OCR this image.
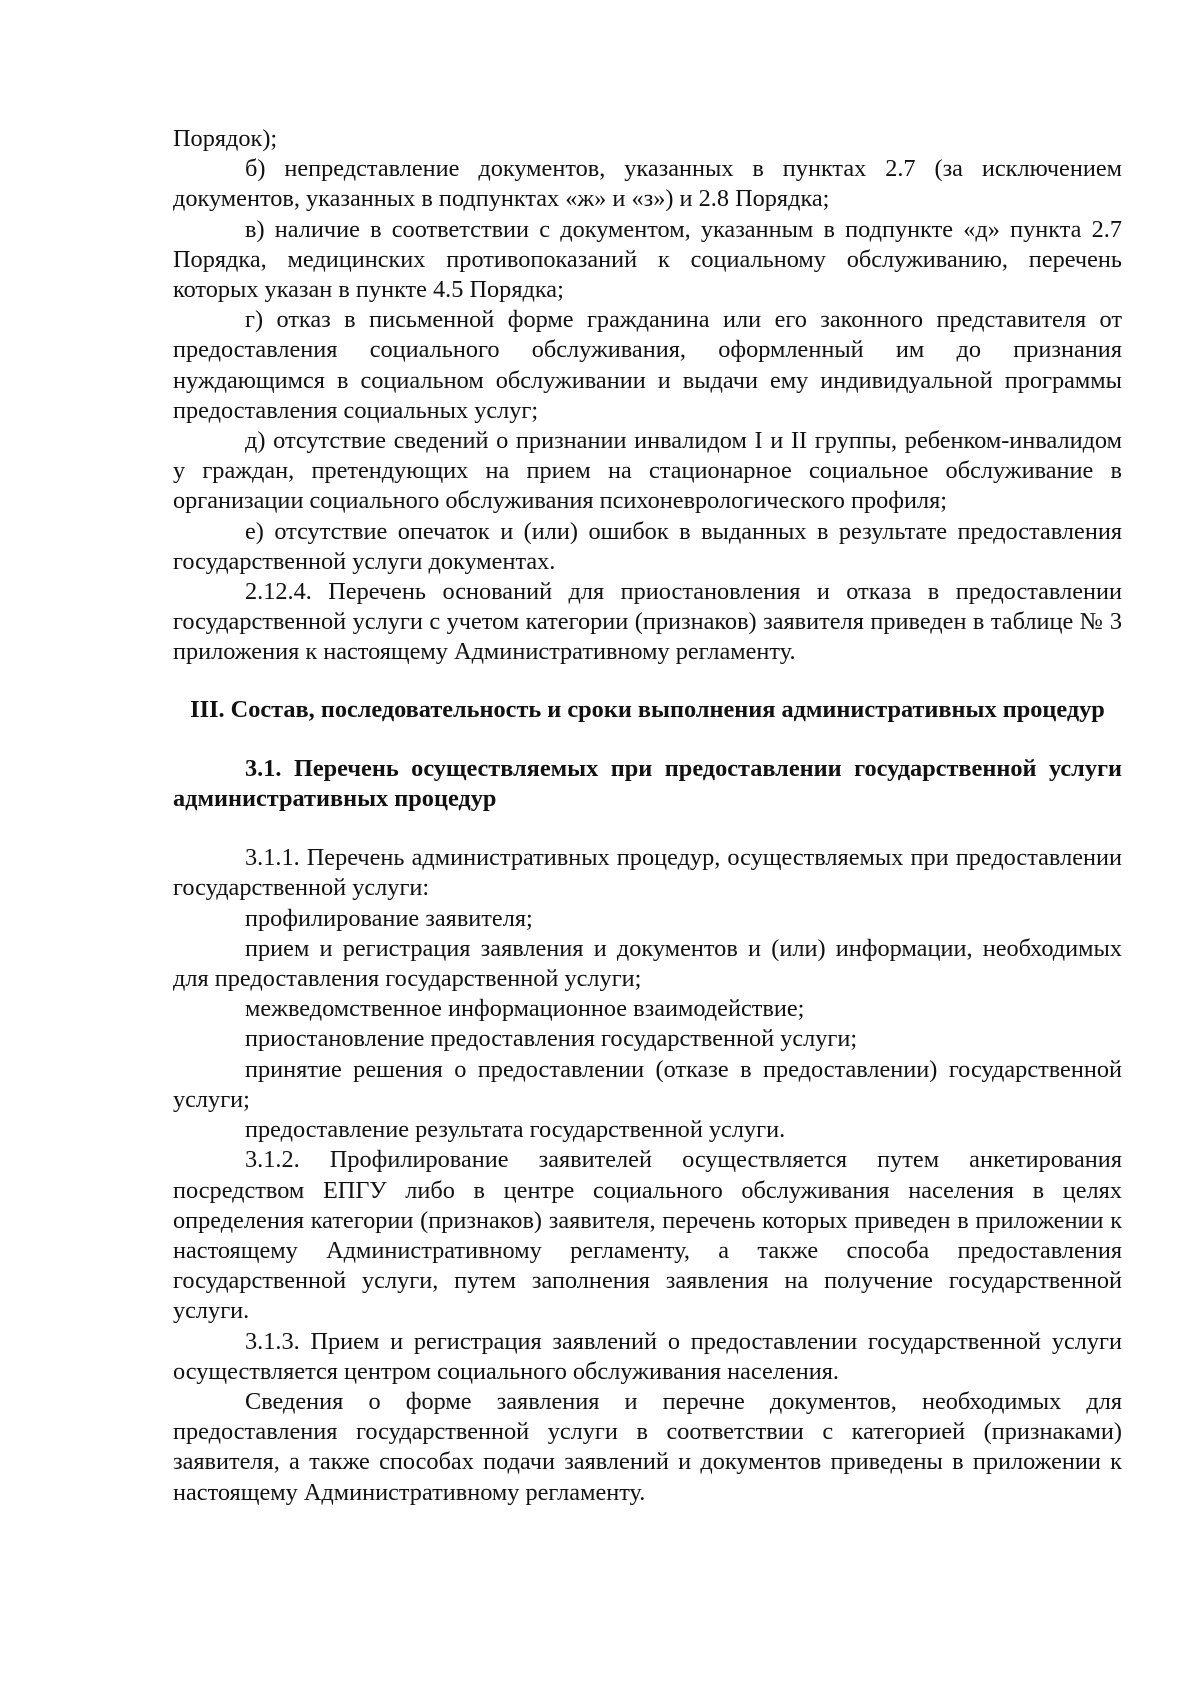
Порядок);

б) непредставление документов, указанных в пунктах 2.7 (за исключением документов, указанных в подпунктах «ж» и «з») и 2.8 Порядка;

в) наличие в соответствии с документом, указанным в подпункте «д» пункта 2.7 Порядка, медицинских противопоказаний к социальному обслуживанию, перечень которых указан в пункте 4.5 Порядка;

г) отказ в письменной форме гражданина или его законного представителя от предоставления социального обслуживания, оформленный им до признания нуждающимся в социальном обслуживании и выдачи ему индивидуальной программы предоставления социальных услуг;

д) отсутствие сведений о признании инвалидом I и II группы, ребенком-инвалидом у граждан, претендующих на прием на стационарное социальное обслуживание в организации социального обслуживания психоневрологического профиля;

е) отсутствие опечаток и (или) ошибок в выданных в результате предоставления государственной услуги документах.

2.12.4. Перечень оснований для приостановления и отказа в предоставлении государственной услуги с учетом категории (признаков) заявителя приведен в таблице № 3 приложения к настоящему Административному регламенту.

III. Состав, последовательность и сроки выполнения административных процедур

3.1. Перечень осуществляемых при предоставлении государственной услуги административных процедур

3.1.1. Перечень административных процедур, осуществляемых при предоставлении государственной услуги:

профилирование заявителя;

прием и регистрация заявления и документов и (или) информации, необходимых для предоставления государственной услуги;

межведомственное информационное взаимодействие;

приостановление предоставления государственной услуги;

принятие решения о предоставлении (отказе в предоставлении) государственной услуги;

предоставление результата государственной услуги.

3.1.2. Профилирование заявителей осуществляется путем анкетирования посредством ЕПГУ либо в центре социального обслуживания населения в целях определения категории (признаков) заявителя, перечень которых приведен в приложении к настоящему Административному регламенту, а также способа предоставления государственной услуги, путем заполнения заявления на получение государственной услуги.

3.1.3. Прием и регистрация заявлений о предоставлении государственной услуги осуществляется центром социального обслуживания населения.

Сведения о форме заявления и перечне документов, необходимых для предоставления государственной услуги в соответствии с категорией (признаками) заявителя, а также способах подачи заявлений и документов приведены в приложении к настоящему Административному регламенту.
